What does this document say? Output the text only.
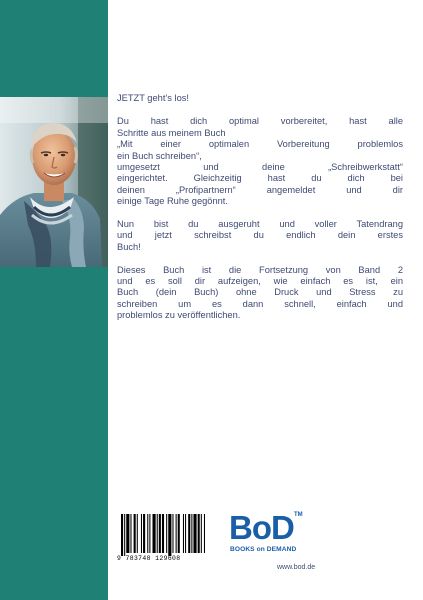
JETZT geht’s los!

Du hast dich optimal vorbereitet, hast alle
Schritte aus meinem Buch
„Mit einer optimalen Vorbereitung problemlos
ein Buch schreiben“,
umgesetzt und deine „Schreibwerkstatt“
eingerichtet. Gleichzeitig hast du dich bei
deinen „Profipartnern“ angemeldet und dir
einige Tage Ruhe gegönnt.

Nun bist du ausgeruht und voller Tatendrang
und jetzt schreibst du endlich dein erstes
Buch!

Dieses Buch ist die Fortsetzung von Band 2
und es soll dir aufzeigen, wie einfach es ist, ein
Buch (dein Buch) ohne Druck und Stress zu
schreiben um es dann schnell, einfach und
problemlos zu veröffentlichen.

9 783748 129608
BoD TM
BOOKS on DEMAND
www.bod.de
